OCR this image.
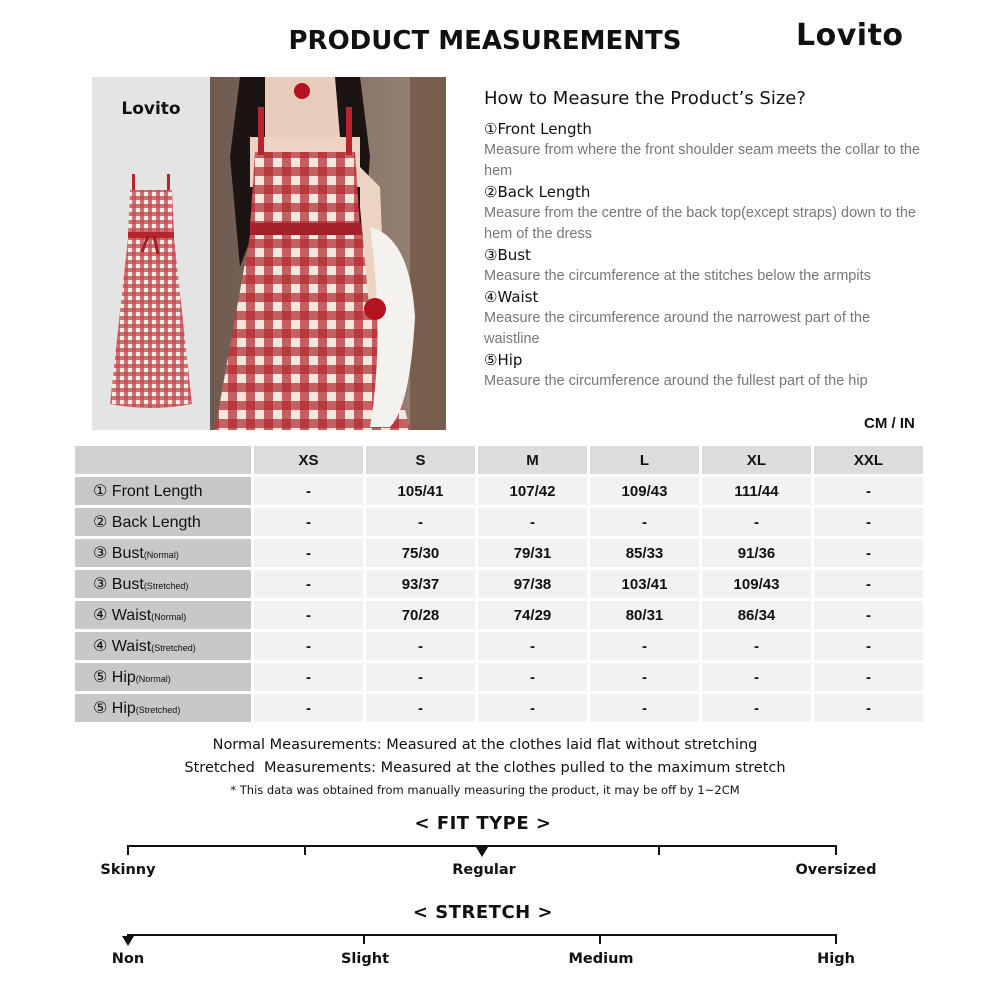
PRODUCT MEASUREMENTS	Lovito
Lovito	How to Measure the Product’s Size?
①Front Length
Measure from where the front shoulder seam meets the collar to the hem
②Back Length
Measure from the centre of the back top(except straps) down to the hem of the dress
③Bust
Measure the circumference at the stitches below the armpits
④Waist
Measure the circumference around the narrowest part of the waistline
⑤Hip
Measure the circumference around the fullest part of the hip
CM / IN
	XS	S	M	L	XL	XXL
① Front Length	-	105/41	107/42	109/43	111/44	-
② Back Length	-	-	-	-	-	-
③ Bust(Normal)	-	75/30	79/31	85/33	91/36	-
③ Bust(Stretched)	-	93/37	97/38	103/41	109/43	-
④ Waist(Normal)	-	70/28	74/29	80/31	86/34	-
④ Waist(Stretched)	-	-	-	-	-	-
⑤ Hip(Normal)	-	-	-	-	-	-
⑤ Hip(Stretched)	-	-	-	-	-	-
Normal Measurements: Measured at the clothes laid flat without stretching
Stretched  Measurements: Measured at the clothes pulled to the maximum stretch
* This data was obtained from manually measuring the product, it may be off by 1~2CM
< FIT TYPE >
Skinny	Regular	Oversized
< STRETCH >
Non	Slight	Medium	High
